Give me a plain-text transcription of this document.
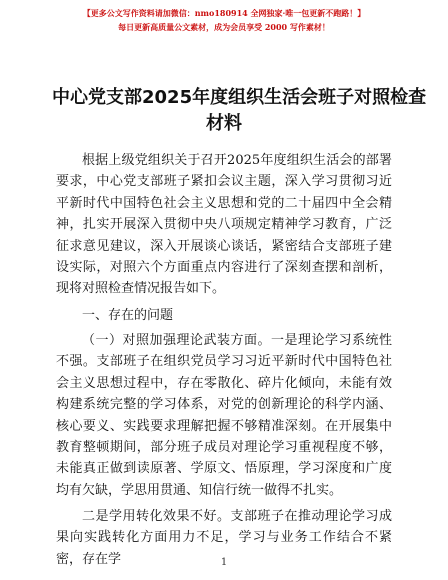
【更多公文写作资料请加微信：nmo180914 全网独家·唯一包更新不跑路！】
每日更新高质量公文素材，成为会员享受 2000 写作素材！
中心党支部2025年度组织生活会班子对照检查
材料

根据上级党组织关于召开2025年度组织生活会的部署要求，中心党支部班子紧扣会议主题，深入学习贯彻习近平新时代中国特色社会主义思想和党的二十届四中全会精神，扎实开展深入贯彻中央八项规定精神学习教育，广泛征求意见建议，深入开展谈心谈话，紧密结合支部班子建设实际，对照六个方面重点内容进行了深刻查摆和剖析，现将对照检查情况报告如下。

一、存在的问题

（一）对照加强理论武装方面。一是理论学习系统性不强。支部班子在组织党员学习习近平新时代中国特色社会主义思想过程中，存在零散化、碎片化倾向，未能有效构建系统完整的学习体系，对党的创新理论的科学内涵、核心要义、实践要求理解把握不够精准深刻。在开展集中教育整顿期间，部分班子成员对理论学习重视程度不够，未能真正做到读原著、学原文、悟原理，学习深度和广度均有欠缺，学思用贯通、知信行统一做得不扎实。

二是学用转化效果不好。支部班子在推动理论学习成果向实践转化方面用力不足，学习与业务工作结合不紧密，存在学	1
